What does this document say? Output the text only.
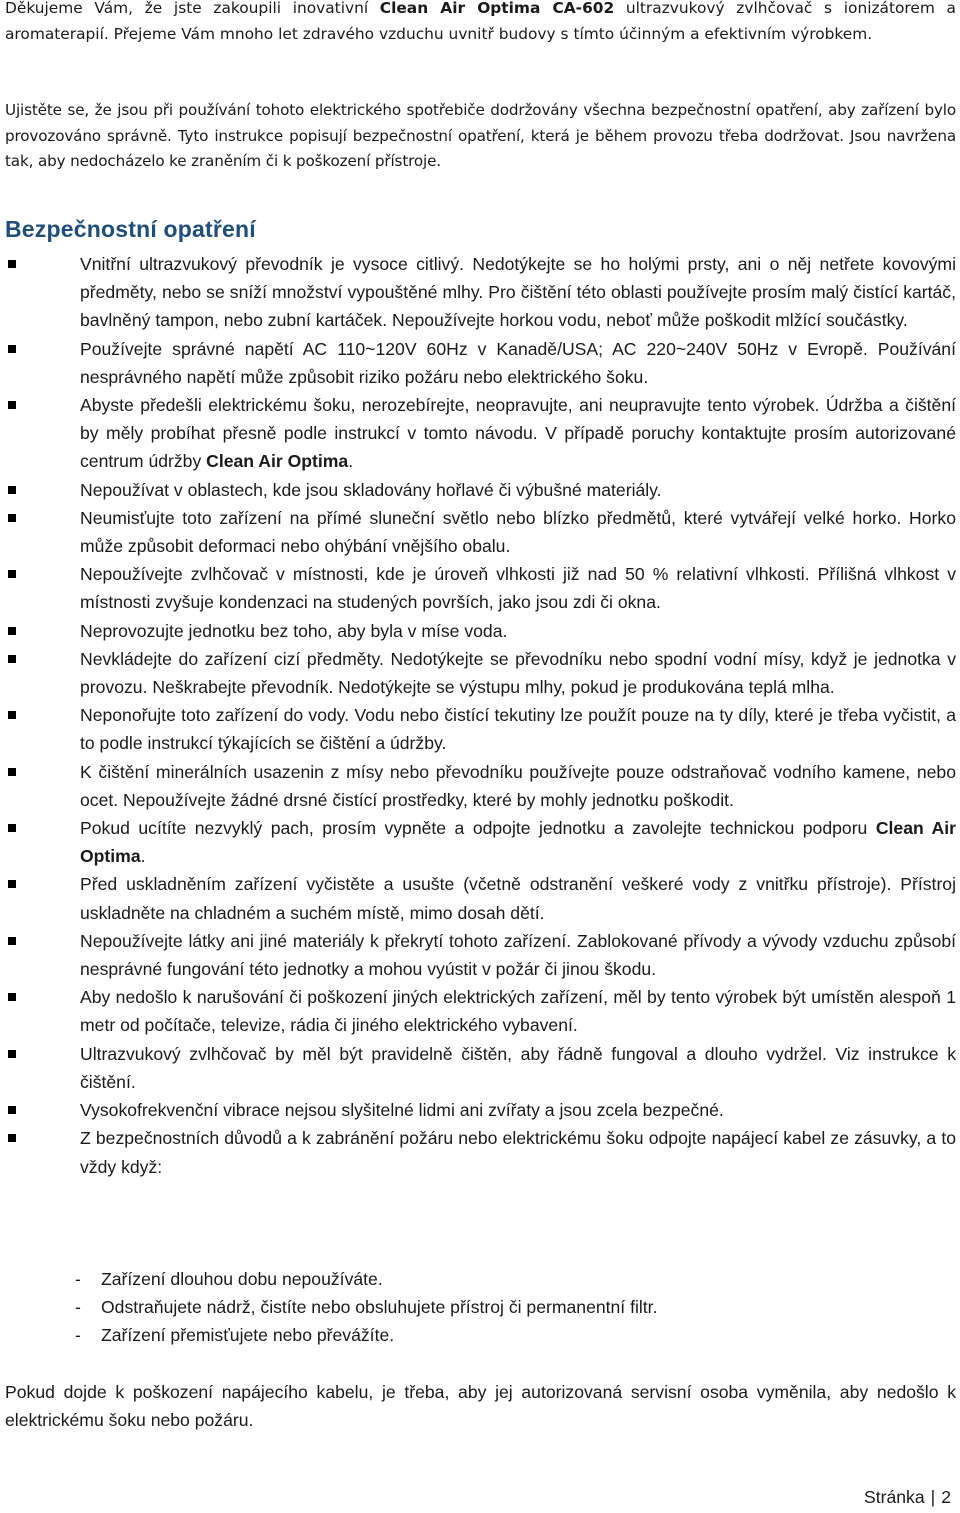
Děkujeme Vám, že jste zakoupili inovativní Clean Air Optima CA-602 ultrazvukový zvlhčovač s ionizátorem a aromaterapií. Přejeme Vám mnoho let zdravého vzduchu uvnitř budovy s tímto účinným a efektivním výrobkem.

Ujistěte se, že jsou při používání tohoto elektrického spotřebiče dodržovány všechna bezpečnostní opatření, aby zařízení bylo provozováno správně. Tyto instrukce popisují bezpečnostní opatření, která je během provozu třeba dodržovat. Jsou navržena tak, aby nedocházelo ke zraněním či k poškození přístroje.

Bezpečnostní opatření
Vnitřní ultrazvukový převodník je vysoce citlivý. Nedotýkejte se ho holými prsty, ani o něj netřete kovovými předměty, nebo se sníží množství vypouštěné mlhy. Pro čištění této oblasti používejte prosím malý čistící kartáč, bavlněný tampon, nebo zubní kartáček. Nepoužívejte horkou vodu, neboť může poškodit mlžící součástky.
Používejte správné napětí AC 110~120V 60Hz v Kanadě/USA; AC 220~240V 50Hz v Evropě. Používání nesprávného napětí může způsobit riziko požáru nebo elektrického šoku.
Abyste předešli elektrickému šoku, nerozebírejte, neopravujte, ani neupravujte tento výrobek. Údržba a čištění by měly probíhat přesně podle instrukcí v tomto návodu. V případě poruchy kontaktujte prosím autorizované centrum údržby Clean Air Optima.
Nepoužívat v oblastech, kde jsou skladovány hořlavé či výbušné materiály.
Neumisťujte toto zařízení na přímé sluneční světlo nebo blízko předmětů, které vytvářejí velké horko. Horko může způsobit deformaci nebo ohýbání vnějšího obalu.
Nepoužívejte zvlhčovač v místnosti, kde je úroveň vlhkosti již nad 50 % relativní vlhkosti. Přílišná vlhkost v místnosti zvyšuje kondenzaci na studených površích, jako jsou zdi či okna.
Neprovozujte jednotku bez toho, aby byla v míse voda.
Nevkládejte do zařízení cizí předměty. Nedotýkejte se převodníku nebo spodní vodní mísy, když je jednotka v provozu. Neškrabejte převodník. Nedotýkejte se výstupu mlhy, pokud je produkována teplá mlha.
Neponořujte toto zařízení do vody. Vodu nebo čistící tekutiny lze použít pouze na ty díly, které je třeba vyčistit, a to podle instrukcí týkajících se čištění a údržby.
K čištění minerálních usazenin z mísy nebo převodníku používejte pouze odstraňovač vodního kamene, nebo ocet. Nepoužívejte žádné drsné čistící prostředky, které by mohly jednotku poškodit.
Pokud ucítíte nezvyklý pach, prosím vypněte a odpojte jednotku a zavolejte technickou podporu Clean Air Optima.
Před uskladněním zařízení vyčistěte a usušte (včetně odstranění veškeré vody z vnitřku přístroje). Přístroj uskladněte na chladném a suchém místě, mimo dosah dětí.
Nepoužívejte látky ani jiné materiály k překrytí tohoto zařízení. Zablokované přívody a vývody vzduchu způsobí nesprávné fungování této jednotky a mohou vyústit v požár či jinou škodu.
Aby nedošlo k narušování či poškození jiných elektrických zařízení, měl by tento výrobek být umístěn alespoň 1 metr od počítače, televize, rádia či jiného elektrického vybavení.
Ultrazvukový zvlhčovač by měl být pravidelně čištěn, aby řádně fungoval a dlouho vydržel. Viz instrukce k čištění.
Vysokofrekvenční vibrace nejsou slyšitelné lidmi ani zvířaty a jsou zcela bezpečné.
Z bezpečnostních důvodů a k zabránění požáru nebo elektrickému šoku odpojte napájecí kabel ze zásuvky, a to vždy když:
-	Zařízení dlouhou dobu nepoužíváte.
-	Odstraňujete nádrž, čistíte nebo obsluhujete přístroj či permanentní filtr.
-	Zařízení přemisťujete nebo převážíte.

Pokud dojde k poškození napájecího kabelu, je třeba, aby jej autorizovaná servisní osoba vyměnila, aby nedošlo k elektrickému šoku nebo požáru.

Stránka | 2
